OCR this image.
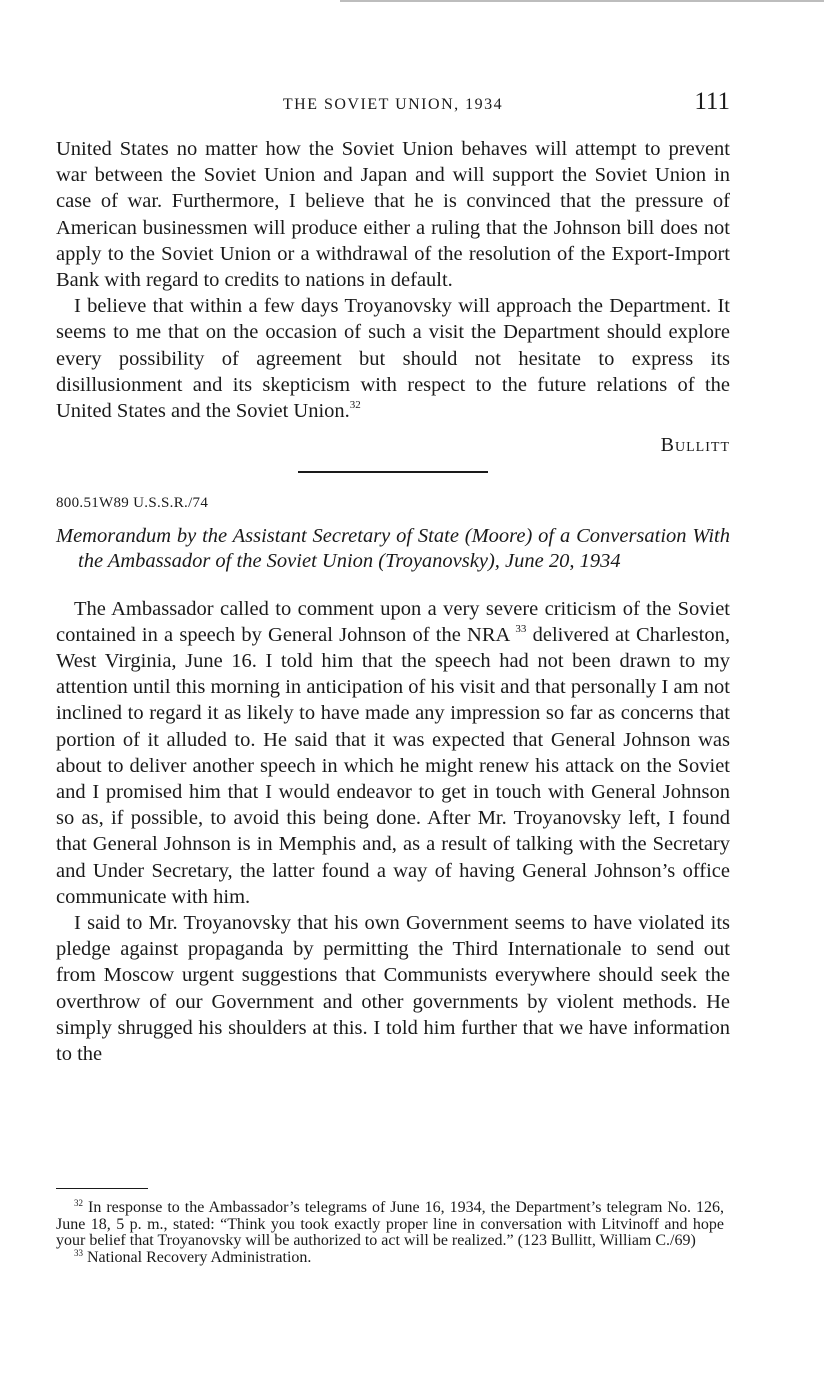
THE SOVIET UNION, 1934	111

United States no matter how the Soviet Union behaves will attempt to prevent war between the Soviet Union and Japan and will support the Soviet Union in case of war. Furthermore, I believe that he is convinced that the pressure of American businessmen will produce either a ruling that the Johnson bill does not apply to the Soviet Union or a withdrawal of the resolution of the Export-Import Bank with regard to credits to nations in default.

I believe that within a few days Troyanovsky will approach the Department. It seems to me that on the occasion of such a visit the Department should explore every possibility of agreement but should not hesitate to express its disillusionment and its skepticism with respect to the future relations of the United States and the Soviet Union.$^{32}$

Bullitt

800.51W89 U.S.S.R./74

Memorandum by the Assistant Secretary of State (Moore) of a Conversation With the Ambassador of the Soviet Union (Troyanovsky), June 20, 1934

The Ambassador called to comment upon a very severe criticism of the Soviet contained in a speech by General Johnson of the NRA $^{33}$ delivered at Charleston, West Virginia, June 16. I told him that the speech had not been drawn to my attention until this morning in anticipation of his visit and that personally I am not inclined to regard it as likely to have made any impression so far as concerns that portion of it alluded to. He said that it was expected that General Johnson was about to deliver another speech in which he might renew his attack on the Soviet and I promised him that I would endeavor to get in touch with General Johnson so as, if possible, to avoid this being done. After Mr. Troyanovsky left, I found that General Johnson is in Memphis and, as a result of talking with the Secretary and Under Secretary, the latter found a way of having General Johnson’s office communicate with him.

I said to Mr. Troyanovsky that his own Government seems to have violated its pledge against propaganda by permitting the Third Internationale to send out from Moscow urgent suggestions that Communists everywhere should seek the overthrow of our Government and other governments by violent methods. He simply shrugged his shoulders at this. I told him further that we have information to the

$^{32}$ In response to the Ambassador’s telegrams of June 16, 1934, the Department’s telegram No. 126, June 18, 5 p. m., stated: “Think you took exactly proper line in conversation with Litvinoff and hope your belief that Troyanovsky will be authorized to act will be realized.” (123 Bullitt, William C./69)

$^{33}$ National Recovery Administration.
